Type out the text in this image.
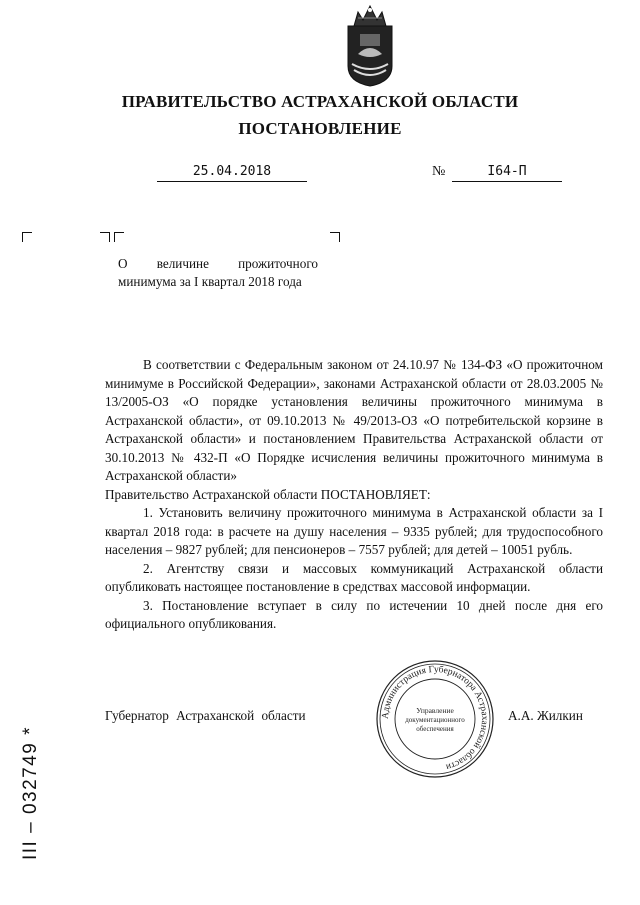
ПРАВИТЕЛЬСТВО АСТРАХАНСКОЙ ОБЛАСТИ
ПОСТАНОВЛЕНИЕ
25.04.2018	№	I64-П
О величине прожиточного минимума за I квартал 2018 года

В соответствии с Федеральным законом от 24.10.97 № 134-ФЗ «О прожиточном минимуме в Российской Федерации», законами Астраханской области от 28.03.2005 № 13/2005-ОЗ «О порядке установления величины прожиточного минимума в Астраханской области», от 09.10.2013 № 49/2013-ОЗ «О потребительской корзине в Астраханской области» и постановлением Правительства Астраханской области от 30.10.2013 № 432-П «О Порядке исчисления величины прожиточного минимума в Астраханской области»

Правительство Астраханской области ПОСТАНОВЛЯЕТ:

1. Установить величину прожиточного минимума в Астраханской области за I квартал 2018 года: в расчете на душу населения – 9335 рублей; для трудоспособного населения – 9827 рублей; для пенсионеров – 7557 рублей; для детей – 10051 рубль.

2. Агентству связи и массовых коммуникаций Астраханской области опубликовать настоящее постановление в средствах массовой информации.

3. Постановление вступает в силу по истечении 10 дней после дня его официального опубликования.

Губернатор Астраханской области	А.А. Жилкин
Администрация Губернатора Астраханской области
Управление
документационного
обеспечения
III – 032749 *
